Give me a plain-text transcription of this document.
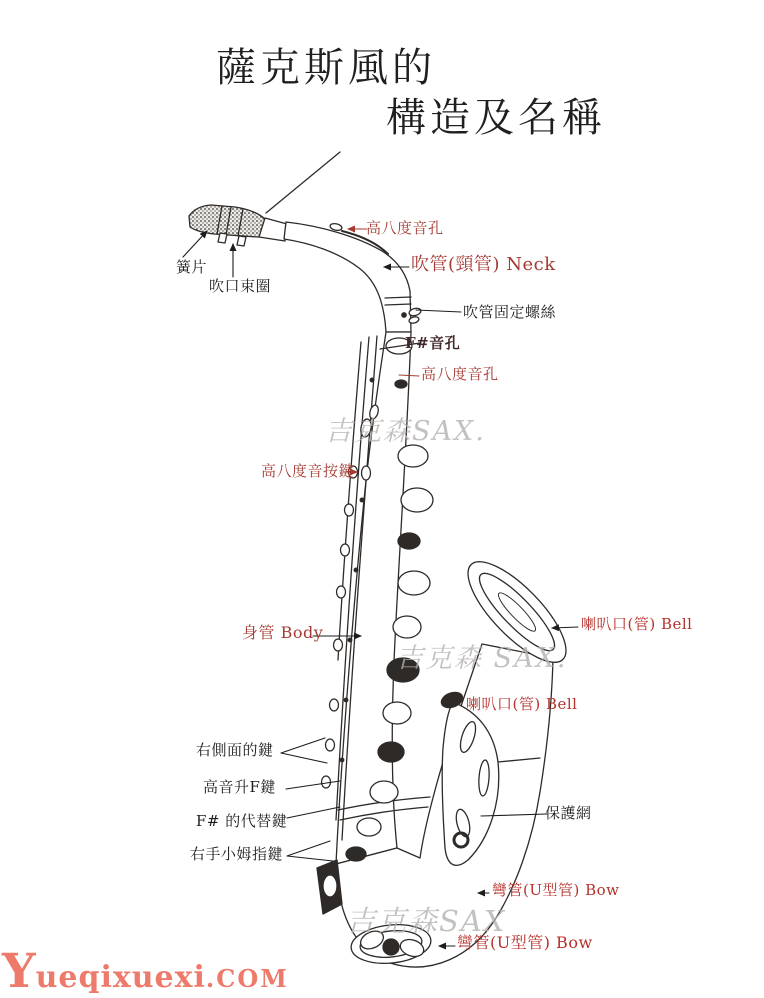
薩克斯風的
構造及名稱
吉克森SAX.
吉克森 SAX.
吉克森SAX
簧片
吹口束圈
高八度音孔
吹管(頸管) Neck
吹管固定螺絲
F#音孔
高八度音孔
高八度音按鍵
身管 Body	喇叭口(管) Bell
喇叭口(管) Bell
右側面的鍵
高音升F鍵
F# 的代替鍵
右手小姆指鍵
保護網
彎管(U型管) Bow
彎管(U型管) Bow
Y ueqixuexi . COM
